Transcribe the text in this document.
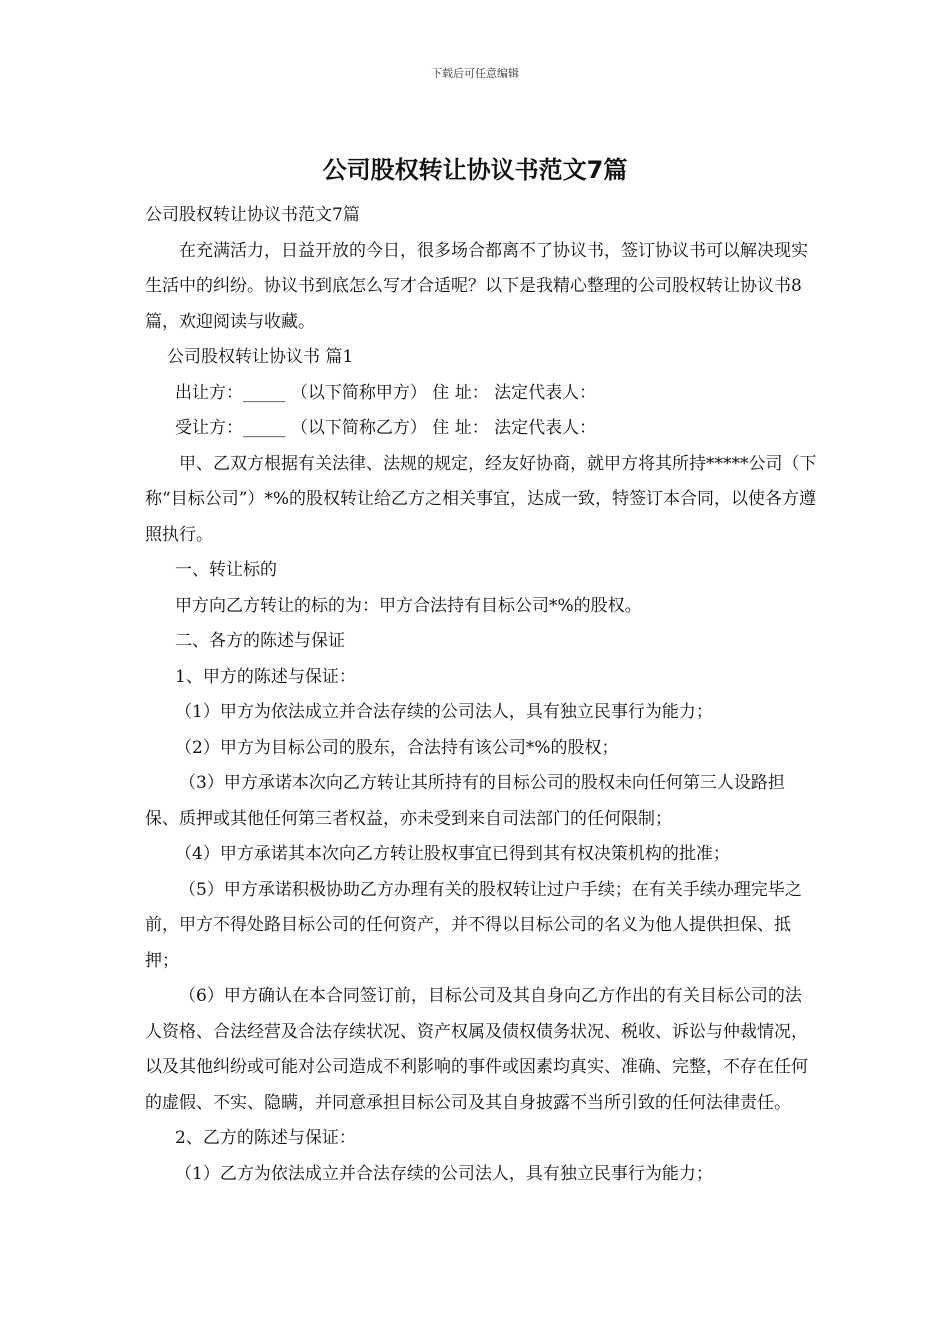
下载后可任意编辑
公司股权转让协议书范文7篇

公司股权转让协议书范文7篇

在充满活力，日益开放的今日，很多场合都离不了协议书，签订协议书可以解决现实生活中的纠纷。协议书到底怎么写才合适呢？以下是我精心整理的公司股权转让协议书8篇，欢迎阅读与收藏。

公司股权转让协议书 篇1

出让方：_____ （以下简称甲方） 住 址： 法定代表人：

受让方：_____ （以下简称乙方） 住 址： 法定代表人：

甲、乙双方根据有关法律、法规的规定，经友好协商，就甲方将其所持*****公司（下称“目标公司”）*%的股权转让给乙方之相关事宜，达成一致，特签订本合同，以使各方遵照执行。

一、转让标的

甲方向乙方转让的标的为：甲方合法持有目标公司*%的股权。

二、各方的陈述与保证

1、甲方的陈述与保证：

（1）甲方为依法成立并合法存续的公司法人，具有独立民事行为能力；

（2）甲方为目标公司的股东，合法持有该公司*%的股权；

（3）甲方承诺本次向乙方转让其所持有的目标公司的股权未向任何第三人设路担保、质押或其他任何第三者权益，亦未受到来自司法部门的任何限制；

（4）甲方承诺其本次向乙方转让股权事宜已得到其有权决策机构的批准；

（5）甲方承诺积极协助乙方办理有关的股权转让过户手续；在有关手续办理完毕之前，甲方不得处路目标公司的任何资产，并不得以目标公司的名义为他人提供担保、抵押；

（6）甲方确认在本合同签订前，目标公司及其自身向乙方作出的有关目标公司的法人资格、合法经营及合法存续状况、资产权属及债权债务状况、税收、诉讼与仲裁情况，以及其他纠纷或可能对公司造成不利影响的事件或因素均真实、准确、完整，不存在任何的虚假、不实、隐瞒，并同意承担目标公司及其自身披露不当所引致的任何法律责任。

2、乙方的陈述与保证：

（1）乙方为依法成立并合法存续的公司法人，具有独立民事行为能力；
